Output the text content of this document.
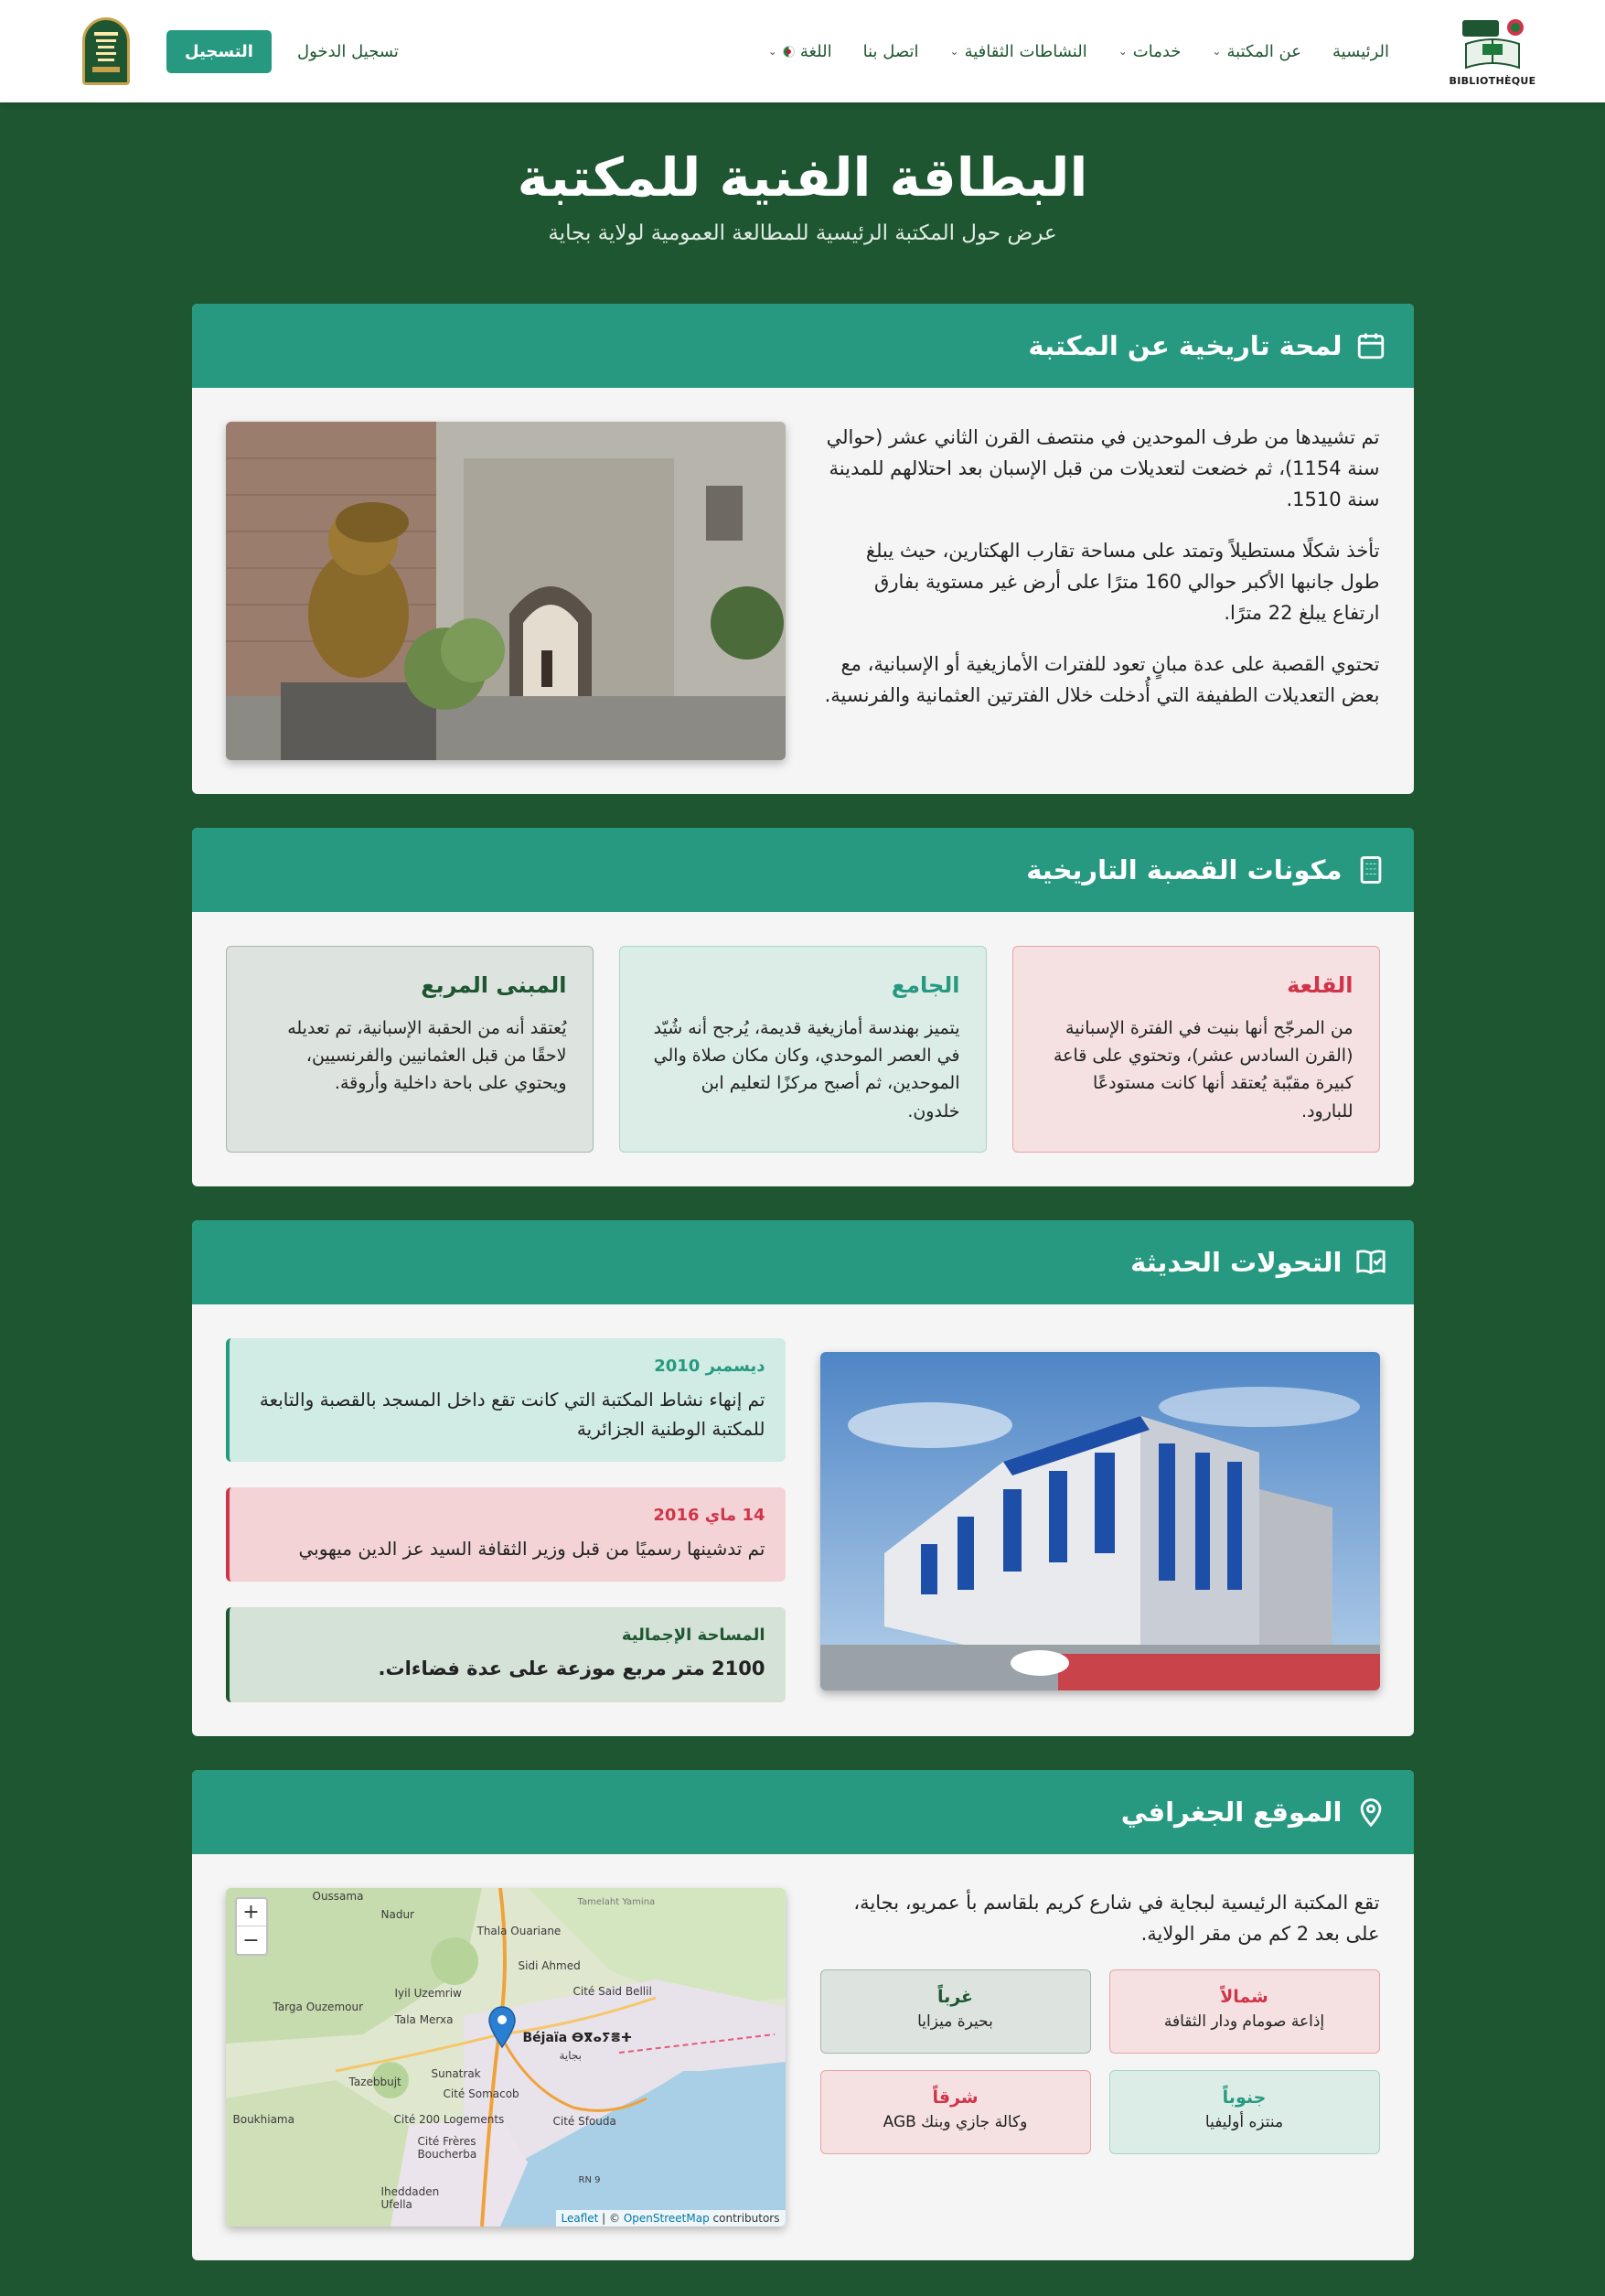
BIBLIOTHÈQUE
الرئيسية
عن المكتبة
⌄
خدمات
⌄
النشاطات الثقافية
⌄
اتصل بنا
اللغة
⌄
تسجيل الدخول
التسجيل
البطاقة الفنية للمكتبة

عرض حول المكتبة الرئيسية للمطالعة العمومية لولاية بجاية

لمحة تاريخية عن المكتبة

تم تشييدها من طرف الموحدين في منتصف القرن الثاني عشر (حوالي سنة 1154)، ثم خضعت لتعديلات من قبل الإسبان بعد احتلالهم للمدينة سنة 1510.

تأخذ شكلًا مستطيلاً وتمتد على مساحة تقارب الهكتارين، حيث يبلغ طول جانبها الأكبر حوالي 160 مترًا على أرض غير مستوية بفارق ارتفاع يبلغ 22 مترًا.

تحتوي القصبة على عدة مبانٍ تعود للفترات الأمازيغية أو الإسبانية، مع بعض التعديلات الطفيفة التي أُدخلت خلال الفترتين العثمانية والفرنسية.

مكونات القصبة التاريخية
القلعة

من المرجّح أنها بنيت في الفترة الإسبانية (القرن السادس عشر)، وتحتوي على قاعة كبيرة مقبّبة يُعتقد أنها كانت مستودعًا للبارود.

الجامع

يتميز بهندسة أمازيغية قديمة، يُرجح أنه شُيّد في العصر الموحدي، وكان مكان صلاة والي الموحدين، ثم أصبح مركزًا لتعليم ابن خلدون.

المبنى المربع

يُعتقد أنه من الحقبة الإسبانية، تم تعديله لاحقًا من قبل العثمانيين والفرنسيين، ويحتوي على باحة داخلية وأروقة.

التحولات الحديثة
ديسمبر 2010
تم إنهاء نشاط المكتبة التي كانت تقع داخل المسجد بالقصبة والتابعة للمكتبة الوطنية الجزائرية
14 ماي 2016
تم تدشينها رسميًا من قبل وزير الثقافة السيد عز الدين ميهوبي
المساحة الإجمالية
2100 متر مربع موزعة على عدة فضاءات.
الموقع الجغرافي

تقع المكتبة الرئيسية لبجاية في شارع كريم بلقاسم بأ عمريو، بجاية، على بعد 2 كم من مقر الولاية.

شمالاً
إذاعة صومام ودار الثقافة
غرباً
بحيرة ميزايا
جنوباً
منتزه أوليفيا
شرقاً
وكالة جازي وبنك AGB
Oussama
Nadur
Thala Ouariane
Tamelaht Yamina
Sidi Ahmed
Iyil Uzemriw	Cité Said Bellil
Targa Ouzemour
Tala Merxa
Béjaïa ⴱⴳⴰⵢⴻⵜ
بجاية
Tazebbujt
Sunatrak
Cité Somacob
Boukhiama	Cité 200 Logements	Cité Sfouda
Cité Frères Boucherba
Iheddaden Ufella
RN 9
+
−
Leaflet | © OpenStreetMap contributors
